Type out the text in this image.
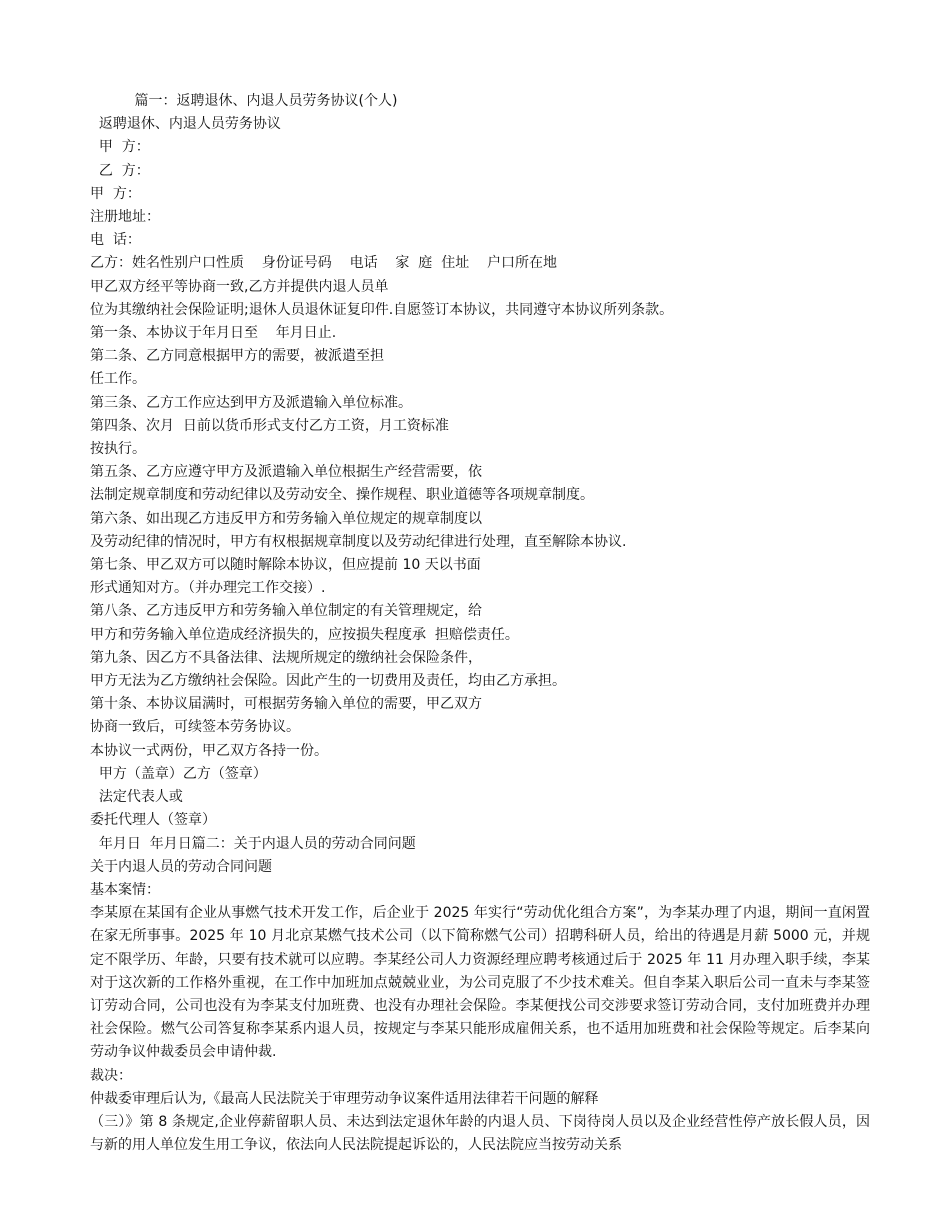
篇一：返聘退休、内退人员劳务协议(个人)
返聘退休、内退人员劳务协议
甲  方：
乙  方：
甲  方：
注册地址：
电  话：
乙方：姓名性别户口性质    身份证号码    电话    家  庭  住址    户口所在地
甲乙双方经平等协商一致,乙方并提供内退人员单
位为其缴纳社会保险证明;退休人员退休证复印件.自愿签订本协议，共同遵守本协议所列条款。
第一条、本协议于年月日至    年月日止.
第二条、乙方同意根据甲方的需要，被派遣至担
任工作。
第三条、乙方工作应达到甲方及派遣输入单位标准。
第四条、次月  日前以货币形式支付乙方工资，月工资标准
按执行。
第五条、乙方应遵守甲方及派遣输入单位根据生产经营需要，依
法制定规章制度和劳动纪律以及劳动安全、操作规程、职业道德等各项规章制度。
第六条、如出现乙方违反甲方和劳务输入单位规定的规章制度以
及劳动纪律的情况时，甲方有权根据规章制度以及劳动纪律进行处理，直至解除本协议.
第七条、甲乙双方可以随时解除本协议，但应提前 10 天以书面
形式通知对方。（并办理完工作交接）.
第八条、乙方违反甲方和劳务输入单位制定的有关管理规定，给
甲方和劳务输入单位造成经济损失的，应按损失程度承  担赔偿责任。
第九条、因乙方不具备法律、法规所规定的缴纳社会保险条件，
甲方无法为乙方缴纳社会保险。因此产生的一切费用及责任，均由乙方承担。
第十条、本协议届满时，可根据劳务输入单位的需要，甲乙双方
协商一致后，可续签本劳务协议。
本协议一式两份，甲乙双方各持一份。
甲方（盖章）乙方（签章）
法定代表人或
委托代理人（签章）
年月日  年月日篇二：关于内退人员的劳动合同问题
关于内退人员的劳动合同问题
基本案情：
李某原在某国有企业从事燃气技术开发工作，后企业于 2025 年实行“劳动优化组合方案”，为李某办理了内退，期间一直闲置在家无所事事。2025 年 10 月北京某燃气技术公司（以下简称燃气公司）招聘科研人员，给出的待遇是月薪 5000 元，并规定不限学历、年龄，只要有技术就可以应聘。李某经公司人力资源经理应聘考核通过后于 2025 年 11 月办理入职手续，李某对于这次新的工作格外重视，在工作中加班加点兢兢业业，为公司克服了不少技术难关。但自李某入职后公司一直未与李某签订劳动合同，公司也没有为李某支付加班费、也没有办理社会保险。李某便找公司交涉要求签订劳动合同，支付加班费并办理社会保险。燃气公司答复称李某系内退人员，按规定与李某只能形成雇佣关系，也不适用加班费和社会保险等规定。后李某向劳动争议仲裁委员会申请仲裁.
裁决：
仲裁委审理后认为,《最高人民法院关于审理劳动争议案件适用法律若干问题的解释
（三）》第 8 条规定,企业停薪留职人员、未达到法定退休年龄的内退人员、下岗待岗人员以及企业经营性停产放长假人员，因与新的用人单位发生用工争议，依法向人民法院提起诉讼的，人民法院应当按劳动关系
